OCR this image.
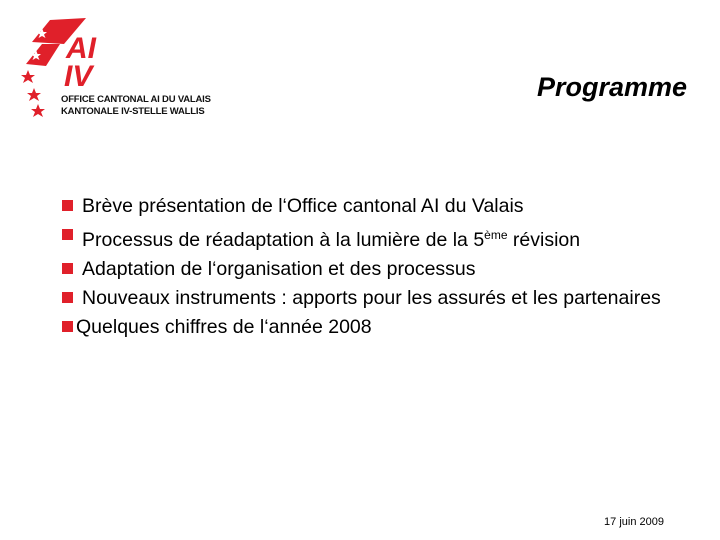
AI
IV
OFFICE CANTONAL AI DU VALAIS
KANTONALE IV-STELLE WALLIS
Programme
Brève présentation de l‘Office cantonal AI du Valais
Processus de réadaptation à la lumière de la 5ème révision
Adaptation de l‘organisation et des processus
Nouveaux instruments : apports pour les assurés et les partenaires
Quelques chiffres de l‘année 2008
17 juin 2009
